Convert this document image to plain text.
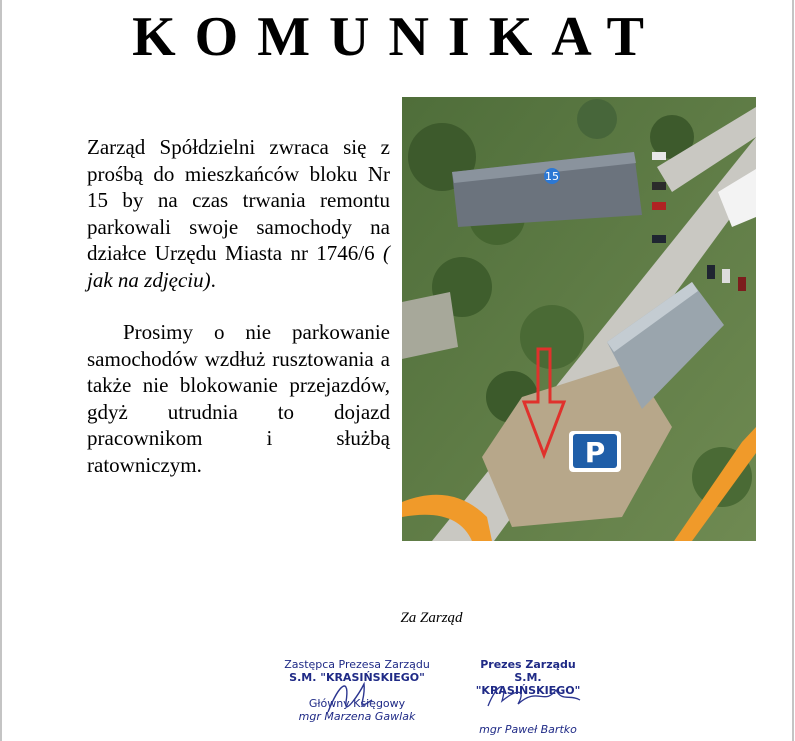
KOMUNIKAT

Zarząd Spółdzielni zwraca się z prośbą do mieszkańców bloku Nr 15 by na czas trwania remontu parkowali swoje samochody na działce Urzędu Miasta nr 1746/6 ( jak na zdjęciu).

Prosimy o nie parkowanie samochodów wzdłuż rusztowania a także nie blokowanie przejazdów, gdyż utrudnia to dojazd pracownikom i służbą ratowniczym.

15
P
Za Zarząd
Zastępca Prezesa Zarządu
S.M. "KRASIŃSKIEGO"
Główny Księgowy
mgr Marzena Gawlak
Prezes Zarządu
S.M. "KRASIŃSKIEGO"
mgr Paweł Bartko
